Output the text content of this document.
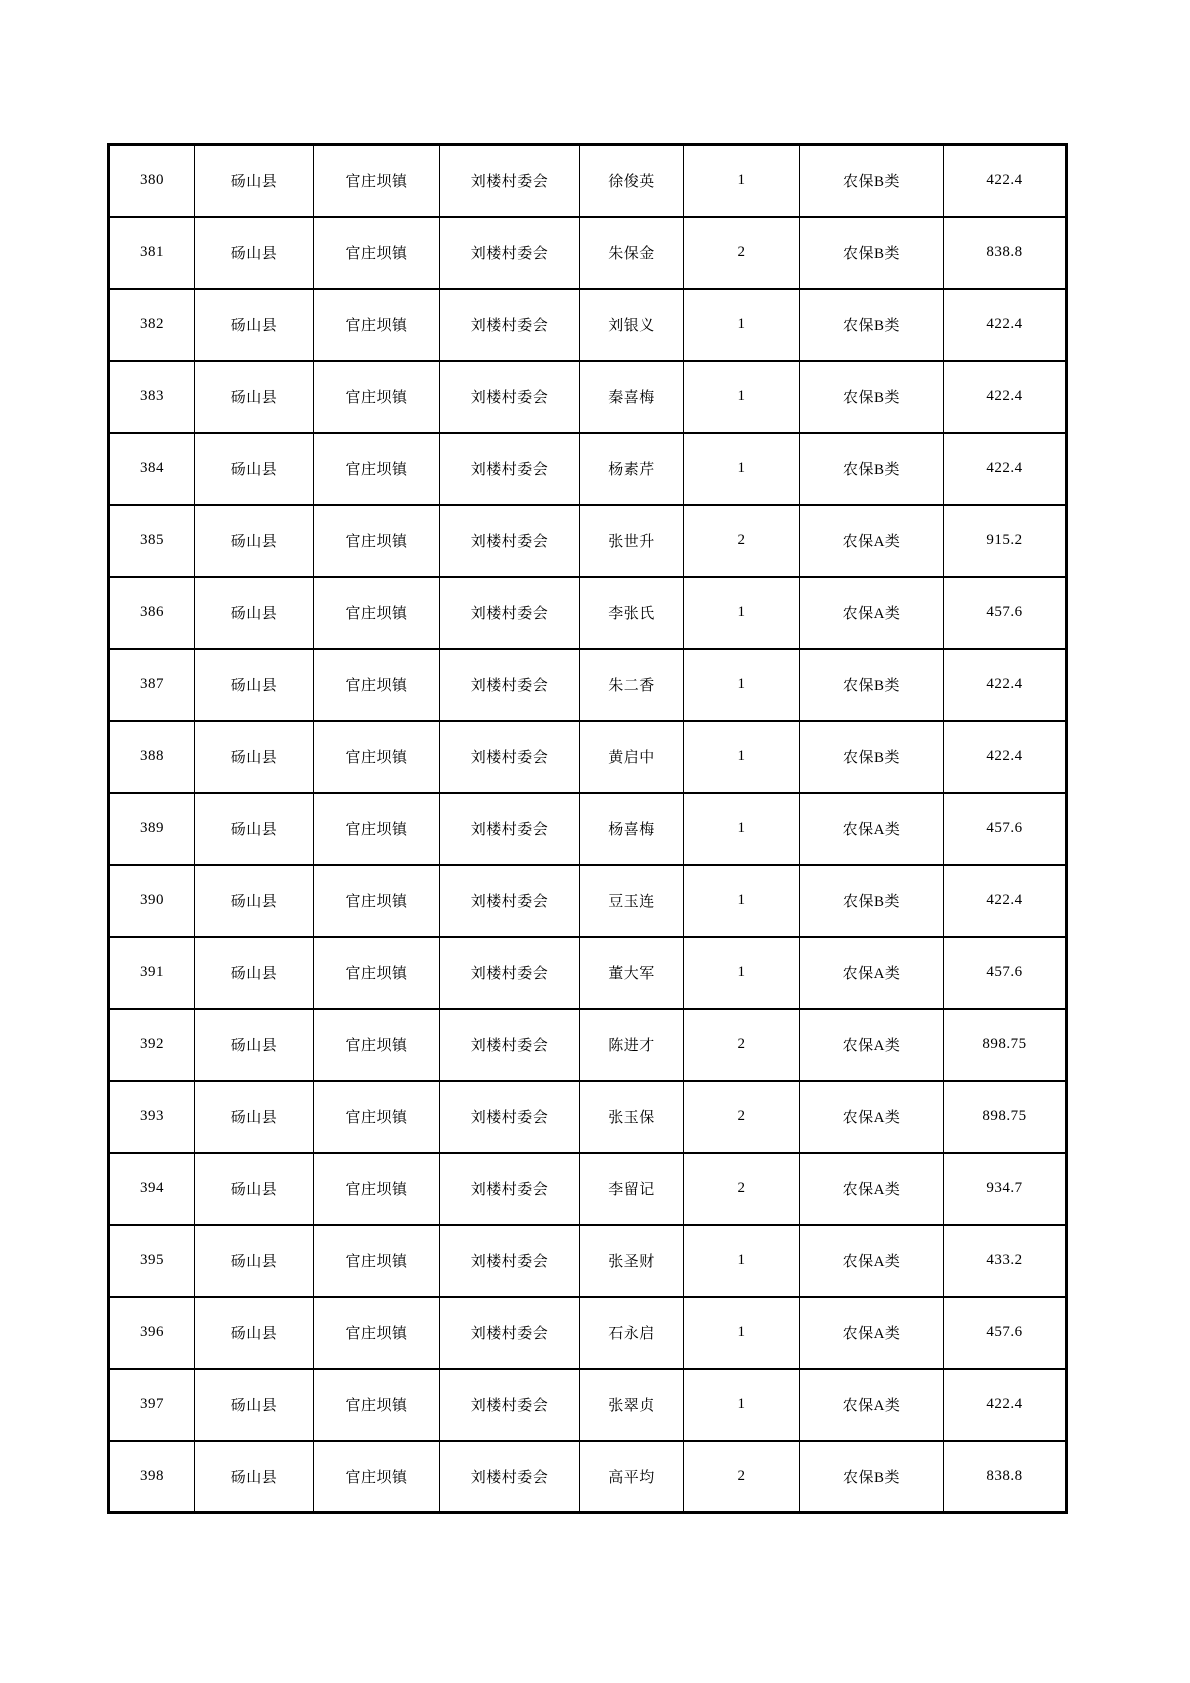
380	砀山县	官庄坝镇	刘楼村委会	徐俊英	1	农保B类	422.4
381	砀山县	官庄坝镇	刘楼村委会	朱保金	2	农保B类	838.8
382	砀山县	官庄坝镇	刘楼村委会	刘银义	1	农保B类	422.4
383	砀山县	官庄坝镇	刘楼村委会	秦喜梅	1	农保B类	422.4
384	砀山县	官庄坝镇	刘楼村委会	杨素芹	1	农保B类	422.4
385	砀山县	官庄坝镇	刘楼村委会	张世升	2	农保A类	915.2
386	砀山县	官庄坝镇	刘楼村委会	李张氏	1	农保A类	457.6
387	砀山县	官庄坝镇	刘楼村委会	朱二香	1	农保B类	422.4
388	砀山县	官庄坝镇	刘楼村委会	黄启中	1	农保B类	422.4
389	砀山县	官庄坝镇	刘楼村委会	杨喜梅	1	农保A类	457.6
390	砀山县	官庄坝镇	刘楼村委会	豆玉连	1	农保B类	422.4
391	砀山县	官庄坝镇	刘楼村委会	董大军	1	农保A类	457.6
392	砀山县	官庄坝镇	刘楼村委会	陈进才	2	农保A类	898.75
393	砀山县	官庄坝镇	刘楼村委会	张玉保	2	农保A类	898.75
394	砀山县	官庄坝镇	刘楼村委会	李留记	2	农保A类	934.7
395	砀山县	官庄坝镇	刘楼村委会	张圣财	1	农保A类	433.2
396	砀山县	官庄坝镇	刘楼村委会	石永启	1	农保A类	457.6
397	砀山县	官庄坝镇	刘楼村委会	张翠贞	1	农保A类	422.4
398	砀山县	官庄坝镇	刘楼村委会	高平均	2	农保B类	838.8
